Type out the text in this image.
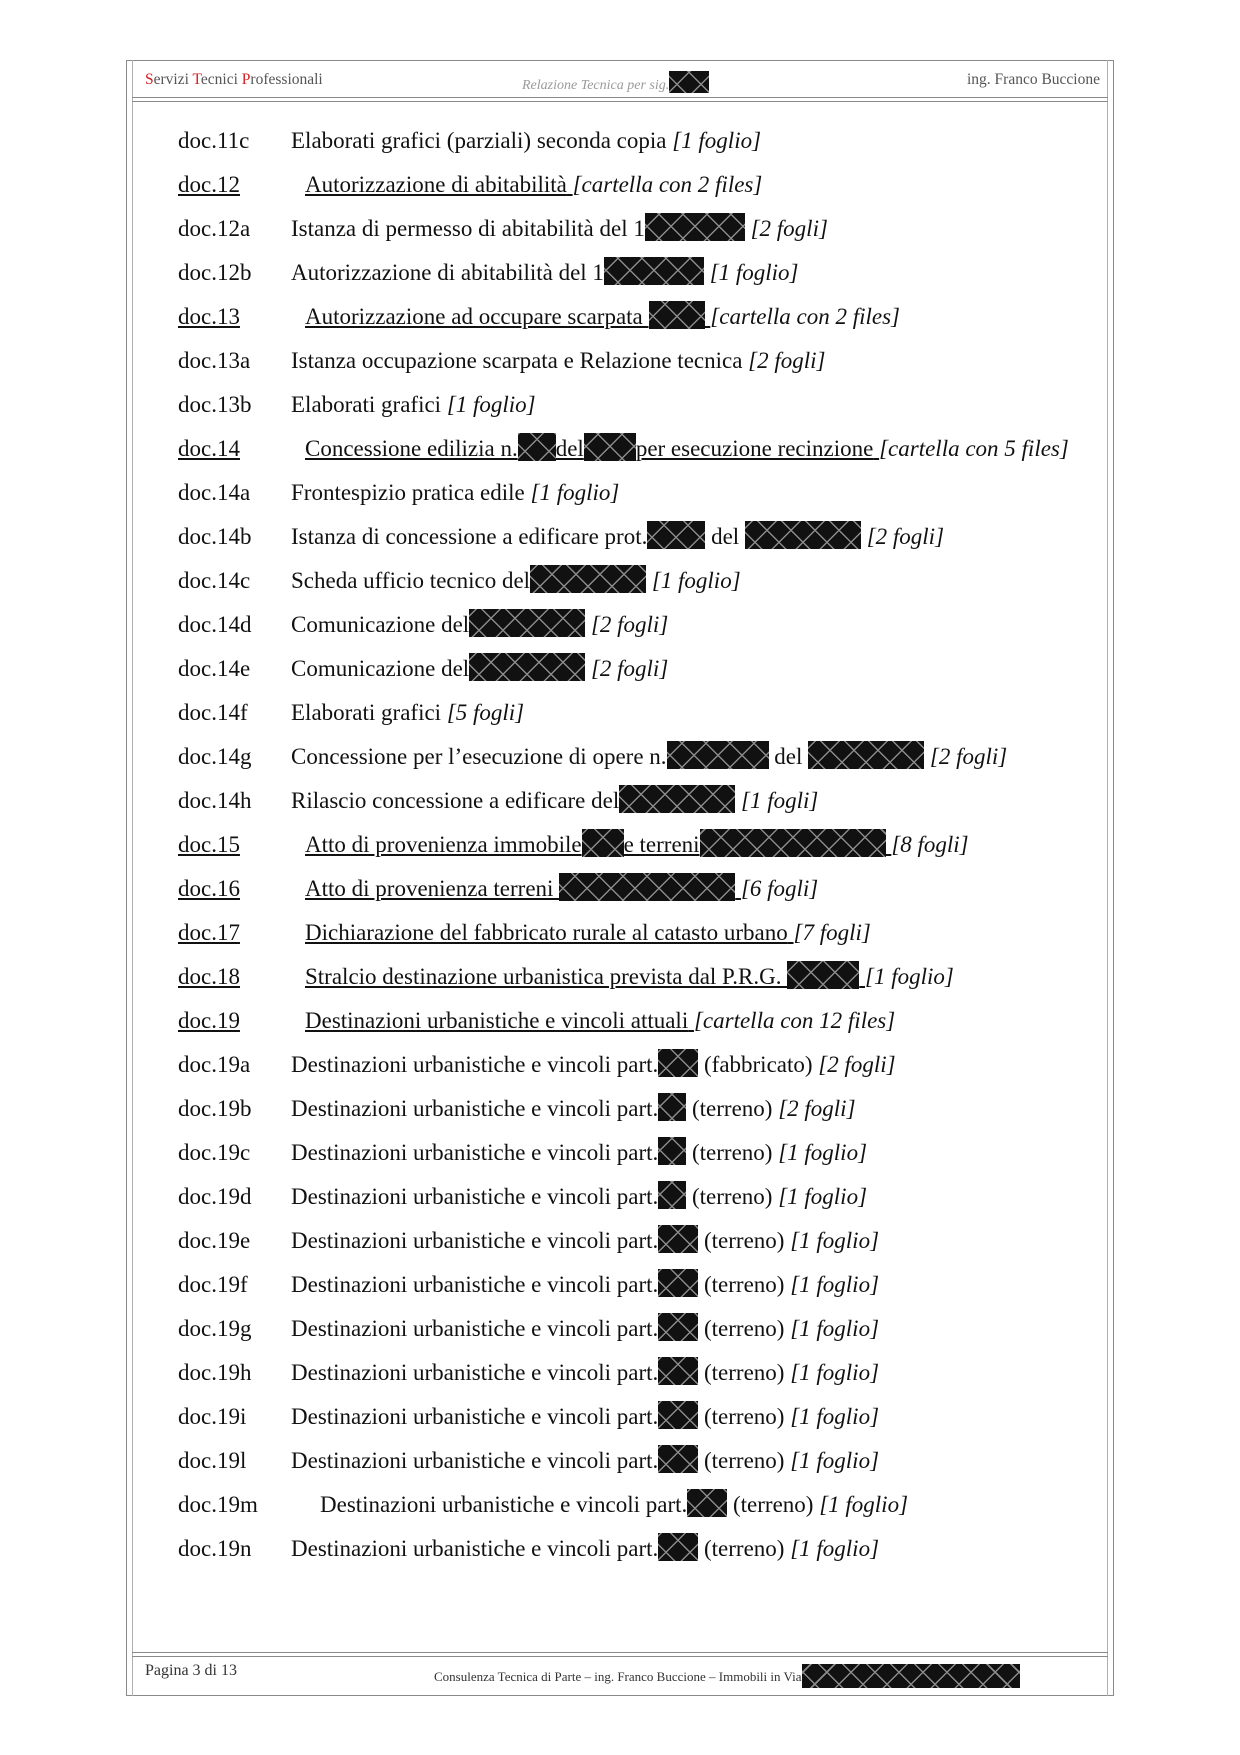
Servizi Tecnici Professionali	Relazione Tecnica per sig.	ing. Franco Buccione
doc.11c Elaborati grafici (parziali) seconda copia [1 foglio]
doc.12	Autorizzazione di abitabilità [cartella con 2 files]
doc.12a Istanza di permesso di abitabilità del 1	[2 fogli]
doc.12b Autorizzazione di abitabilità del 1	[1 foglio]
doc.13	Autorizzazione ad occupare scarpata	[cartella con 2 files]
doc.13a Istanza occupazione scarpata e Relazione tecnica [2 fogli]
doc.13b Elaborati grafici [1 foglio]
doc.14	Concessione edilizia n. del per esecuzione recinzione [cartella con 5 files]
doc.14a Frontespizio pratica edile [1 foglio]
doc.14b Istanza di concessione a edificare prot.	del	[2 fogli]
doc.14c Scheda ufficio tecnico del	[1 foglio]
doc.14d Comunicazione del	[2 fogli]
doc.14e Comunicazione del	[2 fogli]
doc.14f Elaborati grafici [5 fogli]
doc.14g Concessione per l’esecuzione di opere n.	del	[2 fogli]
doc.14h Rilascio concessione a edificare del	[1 fogli]
doc.15	Atto di provenienza immobile e terreni	[8 fogli]
doc.16	Atto di provenienza terreni	[6 fogli]
doc.17	Dichiarazione del fabbricato rurale al catasto urbano [7 fogli]
doc.18	Stralcio destinazione urbanistica prevista dal P.R.G.	[1 foglio]
doc.19	Destinazioni urbanistiche e vincoli attuali [cartella con 12 files]
doc.19a Destinazioni urbanistiche e vincoli part. (fabbricato) [2 fogli]
doc.19b Destinazioni urbanistiche e vincoli part. (terreno) [2 fogli]
doc.19c Destinazioni urbanistiche e vincoli part. (terreno) [1 foglio]
doc.19d Destinazioni urbanistiche e vincoli part. (terreno) [1 foglio]
doc.19e Destinazioni urbanistiche e vincoli part. (terreno) [1 foglio]
doc.19f Destinazioni urbanistiche e vincoli part. (terreno) [1 foglio]
doc.19g Destinazioni urbanistiche e vincoli part. (terreno) [1 foglio]
doc.19h Destinazioni urbanistiche e vincoli part. (terreno) [1 foglio]
doc.19i Destinazioni urbanistiche e vincoli part. (terreno) [1 foglio]
doc.19l Destinazioni urbanistiche e vincoli part. (terreno) [1 foglio]
doc.19m	Destinazioni urbanistiche e vincoli part. (terreno) [1 foglio]
doc.19n Destinazioni urbanistiche e vincoli part. (terreno) [1 foglio]
Pagina 3 di 13	Consulenza Tecnica di Parte – ing. Franco Buccione – Immobili in Via
